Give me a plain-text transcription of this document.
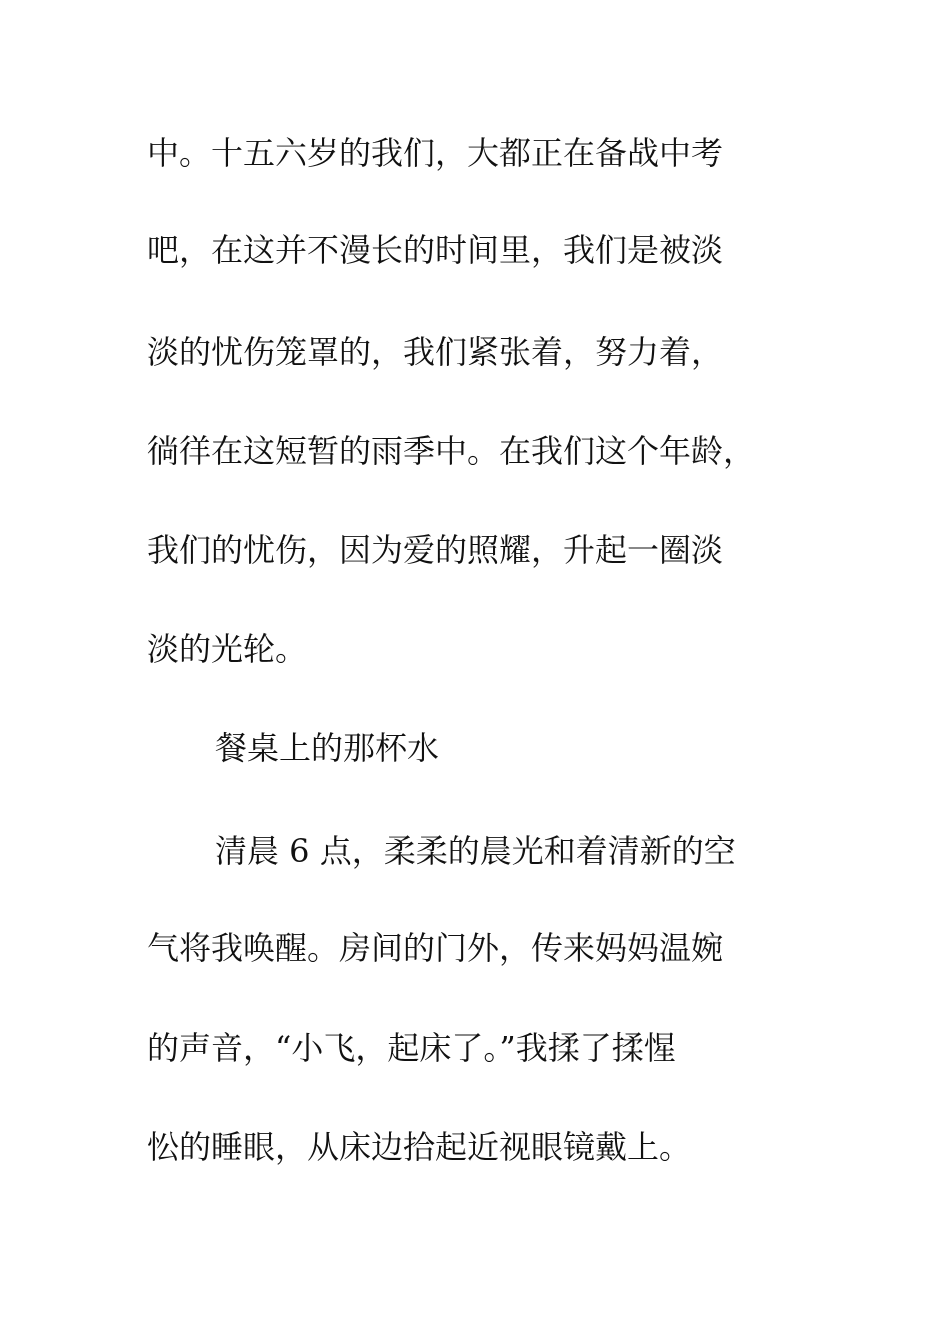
中。十五六岁的我们，大都正在备战中考
吧，在这并不漫长的时间里，我们是被淡
淡的忧伤笼罩的，我们紧张着，努力着，
徜徉在这短暂的雨季中。在我们这个年龄，
我们的忧伤，因为爱的照耀，升起一圈淡
淡的光轮。
餐桌上的那杯水
清晨 6 点，柔柔的晨光和着清新的空
气将我唤醒。房间的门外，传来妈妈温婉
的声音，“小飞，起床了。”我揉了揉惺
忪的睡眼，从床边拾起近视眼镜戴上。
